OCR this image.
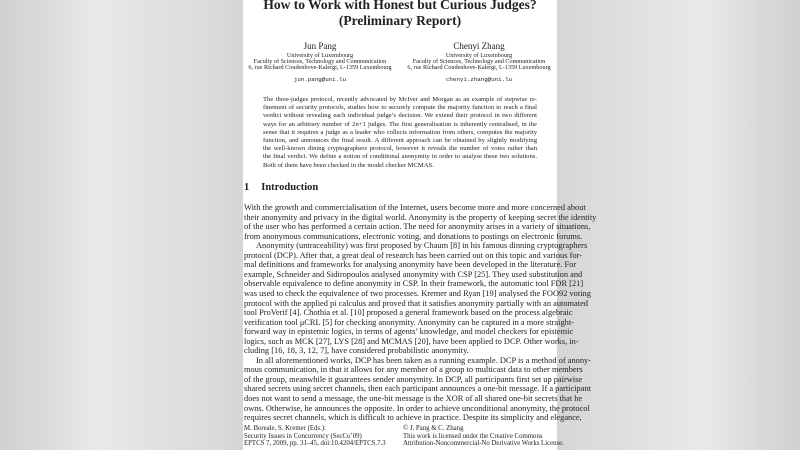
How to Work with Honest but Curious Judges?
(Preliminary Report)
Jun Pang
University of Luxembourg
Faculty of Sciences, Technology and Communication
6, rue Richard Coudenhove-Kalergi, L-1359 Luxembourg
jun.pang@uni.lu
Chenyi Zhang
University of Luxembourg
Faculty of Sciences, Technology and Communication
6, rue Richard Coudenhove-Kalergi, L-1359 Luxembourg
chenyi.zhang@uni.lu
The three-judges protocol, recently advocated by McIver and Morgan as an example of stepwise re-
finement of security protocols, studies how to securely compute the majority function to reach a final
verdict without revealing each individual judge’s decision. We extend their protocol in two different
ways for an arbitrary number of 2n+1 judges. The first generalisation is inherently centralised, in the
sense that it requires a judge as a leader who collects information from others, computes the majority
function, and announces the final result. A different approach can be obtained by slightly modifying
the well-known dining cryptographers protocol, however it reveals the number of votes rather than
the final verdict. We define a notion of conditional anonymity in order to analyse these two solutions.
Both of them have been checked in the model checker MCMAS.
1 Introduction
With the growth and commercialisation of the Internet, users become more and more concerned about
their anonymity and privacy in the digital world. Anonymity is the property of keeping secret the identity
of the user who has performed a certain action. The need for anonymity arises in a variety of situations,
from anonymous communications, electronic voting, and donations to postings on electronic forums.
Anonymity (untraceability) was first proposed by Chaum [8] in his famous dinning cryptographers
protocol (DCP). After that, a great deal of research has been carried out on this topic and various for-
mal definitions and frameworks for analysing anonymity have been developed in the literature. For
example, Schneider and Sidiropoulos analysed anonymity with CSP [25]. They used substitution and
observable equivalence to define anonymity in CSP. In their framework, the automatic tool FDR [21]
was used to check the equivalence of two processes. Kremer and Ryan [19] analysed the FOO92 voting
protocol with the applied pi calculus and proved that it satisfies anonymity partially with an automated
tool ProVerif [4]. Chothia et al. [10] proposed a general framework based on the process algebraic
verification tool μCRL [5] for checking anonymity. Anonymity can be captured in a more straight-
forward way in epistemic logics, in terms of agents’ knowledge, and model checkers for epistemic
logics, such as MCK [27], LYS [28] and MCMAS [20], have been applied to DCP. Other works, in-
cluding [16, 18, 3, 12, 7], have considered probabilistic anonymity.
In all aforementioned works, DCP has been taken as a running example. DCP is a method of anony-
mous communication, in that it allows for any member of a group to multicast data to other members
of the group, meanwhile it guarantees sender anonymity. In DCP, all participants first set up pairwise
shared secrets using secret channels, then each participant announces a one-bit message. If a participant
does not want to send a message, the one-bit message is the XOR of all shared one-bit secrets that he
owns. Otherwise, he announces the opposite. In order to achieve unconditional anonymity, the protocol
requires secret channels, which is difficult to achieve in practice. Despite its simplicity and elegance,
M. Boreale, S. Kremer (Eds.):
Security Issues in Concurrency (SecCo’09)
EPTCS 7, 2009, pp. 31–45, doi:10.4204/EPTCS.7.3
© J. Pang & C. Zhang
This work is licensed under the Creative Commons
Attribution-Noncommercial-No Derivative Works License.
